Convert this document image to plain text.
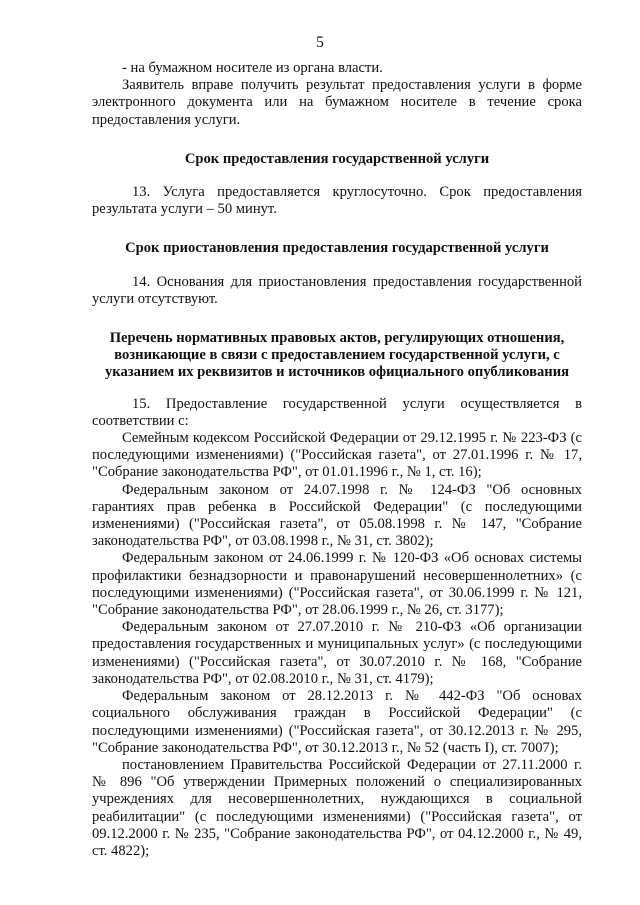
5

- на бумажном носителе из органа власти.

Заявитель вправе получить результат предоставления услуги в форме электронного документа или на бумажном носителе в течение срока предоставления услуги.

Срок предоставления государственной услуги

13. Услуга предоставляется круглосуточно. Срок предоставления результата услуги – 50 минут.

Срок приостановления предоставления государственной услуги

14. Основания для приостановления предоставления государственной услуги отсутствуют.

Перечень нормативных правовых актов, регулирующих отношения, возникающие в связи с предоставлением государственной услуги, с указанием их реквизитов и источников официального опубликования

15. Предоставление государственной услуги осуществляется в соответствии с:

Семейным кодексом Российской Федерации от 29.12.1995 г. № 223-ФЗ (с последующими изменениями) ("Российская газета", от 27.01.1996 г. № 17, "Собрание законодательства РФ", от 01.01.1996 г., № 1, ст. 16);

Федеральным законом от 24.07.1998 г. № 124-ФЗ "Об основных гарантиях прав ребенка в Российской Федерации" (с последующими изменениями) ("Российская газета", от 05.08.1998 г. № 147, "Собрание законодательства РФ", от 03.08.1998 г., № 31, ст. 3802);

Федеральным законом от 24.06.1999 г. № 120-ФЗ «Об основах системы профилактики безнадзорности и правонарушений несовершеннолетних» (с последующими изменениями) ("Российская газета", от 30.06.1999 г. № 121, "Собрание законодательства РФ", от 28.06.1999 г., № 26, ст. 3177);

Федеральным законом от 27.07.2010 г. № 210-ФЗ «Об организации предоставления государственных и муниципальных услуг» (с последующими изменениями) ("Российская газета", от 30.07.2010 г. № 168, "Собрание законодательства РФ", от 02.08.2010 г., № 31, ст. 4179);

Федеральным законом от 28.12.2013 г. № 442-ФЗ "Об основах социального обслуживания граждан в Российской Федерации" (с последующими изменениями) ("Российская газета", от 30.12.2013 г. № 295, "Собрание законодательства РФ", от 30.12.2013 г., № 52 (часть I), ст. 7007);

постановлением Правительства Российской Федерации от 27.11.2000 г. № 896 "Об утверждении Примерных положений о специализированных учреждениях для несовершеннолетних, нуждающихся в социальной реабилитации" (с последующими изменениями) ("Российская газета", от 09.12.2000 г. № 235, "Собрание законодательства РФ", от 04.12.2000 г., № 49, ст. 4822);
